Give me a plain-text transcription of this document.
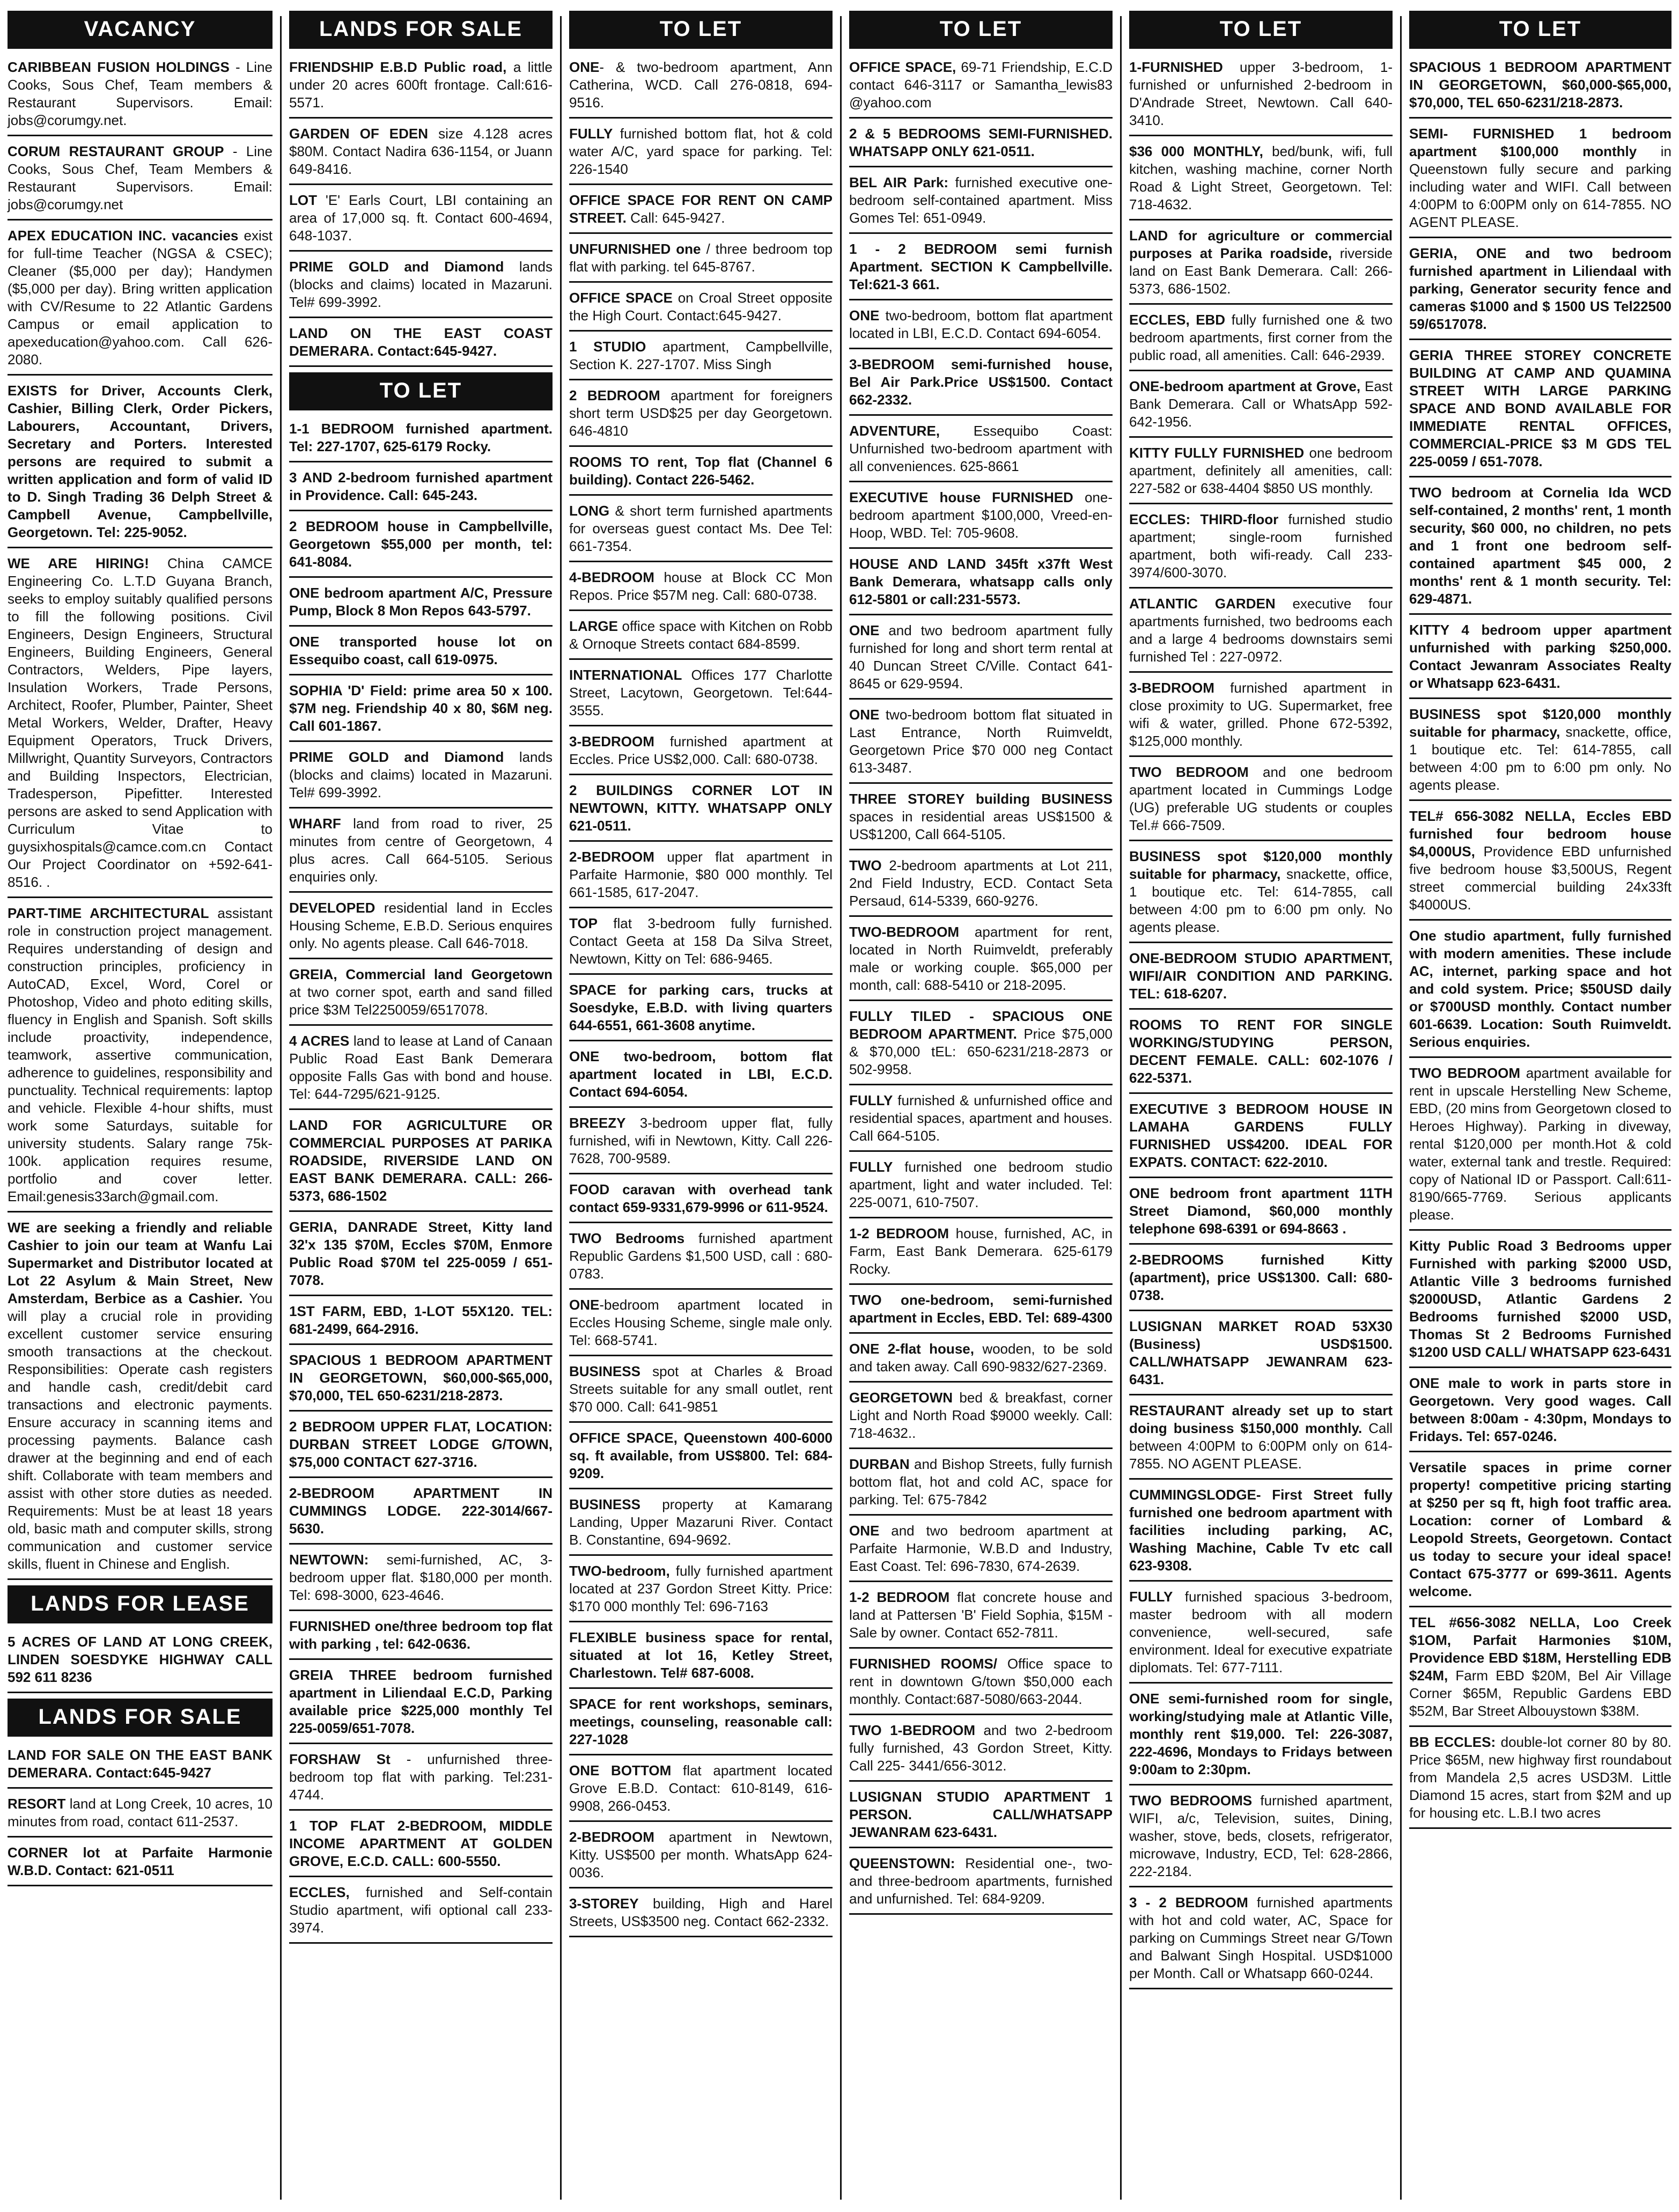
VACANCY
CARIBBEAN FUSION HOLDINGS - Line Cooks, Sous Chef, Team members & Restaurant Supervisors. Email: jobs@corumgy.net.
CORUM RESTAURANT GROUP - Line Cooks, Sous Chef, Team Members & Restaurant Supervisors. Email: jobs@corumgy.net
APEX EDUCATION INC. vacancies exist for full-time Teacher (NGSA & CSEC); Cleaner ($5,000 per day); Handymen ($5,000 per day). Bring written application with CV/Resume to 22 Atlantic Gardens Campus or email application to apexeducation@yahoo.com. Call 626-2080.
EXISTS for Driver, Accounts Clerk, Cashier, Billing Clerk, Order Pickers, Labourers, Accountant, Drivers, Secretary and Porters. Interested persons are required to submit a written application and form of valid ID to D. Singh Trading 36 Delph Street & Campbell Avenue, Campbellville, Georgetown. Tel: 225-9052.
WE ARE HIRING! China CAMCE Engineering Co. L.T.D Guyana Branch, seeks to employ suitably qualified persons to fill the following positions. Civil Engineers, Design Engineers, Structural Engineers, Building Engineers, General Contractors, Welders, Pipe layers, Insulation Workers, Trade Persons, Architect, Roofer, Plumber, Painter, Sheet Metal Workers, Welder, Drafter, Heavy Equipment Operators, Truck Drivers, Millwright, Quantity Surveyors, Contractors and Building Inspectors, Electrician, Tradesperson, Pipefitter. Interested persons are asked to send Application with Curriculum Vitae to guysixhospitals@camce.com.cn Contact Our Project Coordinator on +592-641-8516. .
PART-TIME ARCHITECTURAL assistant role in construction project management. Requires understanding of design and construction principles, proficiency in AutoCAD, Excel, Word, Corel or Photoshop, Video and photo editing skills, fluency in English and Spanish. Soft skills include proactivity, independence, teamwork, assertive communication, adherence to guidelines, responsibility and punctuality. Technical requirements: laptop and vehicle. Flexible 4-hour shifts, must work some Saturdays, suitable for university students. Salary range 75k-100k. application requires resume, portfolio and cover letter. Email:genesis33arch@gmail.com.
WE are seeking a friendly and reliable Cashier to join our team at Wanfu Lai Supermarket and Distributor located at Lot 22 Asylum & Main Street, New Amsterdam, Berbice as a Cashier. You will play a crucial role in providing excellent customer service ensuring smooth transactions at the checkout. Responsibilities: Operate cash registers and handle cash, credit/debit card transactions and electronic payments. Ensure accuracy in scanning items and processing payments. Balance cash drawer at the beginning and end of each shift. Collaborate with team members and assist with other store duties as needed. Requirements: Must be at least 18 years old, basic math and computer skills, strong communication and customer service skills, fluent in Chinese and English.
LANDS FOR LEASE
5 ACRES OF LAND AT LONG CREEK, LINDEN SOESDYKE HIGHWAY CALL 592 611 8236
LANDS FOR SALE
LAND FOR SALE ON THE EAST BANK DEMERARA. Contact:645-9427
RESORT land at Long Creek, 10 acres, 10 minutes from road, contact 611-2537.
CORNER lot at Parfaite Harmonie W.B.D. Contact: 621-0511
LANDS FOR SALE
FRIENDSHIP E.B.D Public road, a little under 20 acres 600ft frontage. Call:616-5571.
GARDEN OF EDEN size 4.128 acres $80M. Contact Nadira 636-1154, or Juann 649-8416.
LOT 'E' Earls Court, LBI containing an area of 17,000 sq. ft. Contact 600-4694, 648-1037.
PRIME GOLD and Diamond lands (blocks and claims) located in Mazaruni. Tel# 699-3992.
LAND ON THE EAST COAST DEMERARA. Contact:645-9427.
TO LET
1-1 BEDROOM furnished apartment. Tel: 227-1707, 625-6179 Rocky.
3 AND 2-bedroom furnished apartment in Providence. Call: 645-243.
2 BEDROOM house in Campbellville, Georgetown $55,000 per month, tel: 641-8084.
ONE bedroom apartment A/C, Pressure Pump, Block 8 Mon Repos 643-5797.
ONE transported house lot on Essequibo coast, call 619-0975.
SOPHIA 'D' Field: prime area 50 x 100. $7M neg. Friendship 40 x 80, $6M neg. Call 601-1867.
PRIME GOLD and Diamond lands (blocks and claims) located in Mazaruni. Tel# 699-3992.
WHARF land from road to river, 25 minutes from centre of Georgetown, 4 plus acres. Call 664-5105. Serious enquiries only.
DEVELOPED residential land in Eccles Housing Scheme, E.B.D. Serious enquires only. No agents please. Call 646-7018.
GREIA, Commercial land Georgetown at two corner spot, earth and sand filled price $3M Tel2250059/6517078.
4 ACRES land to lease at Land of Canaan Public Road East Bank Demerara opposite Falls Gas with bond and house. Tel: 644-7295/621-9125.
LAND FOR AGRICULTURE OR COMMERCIAL PURPOSES AT PARIKA ROADSIDE, RIVERSIDE LAND ON EAST BANK DEMERARA. CALL: 266-5373, 686-1502
GERIA, DANRADE Street, Kitty land 32'x 135 $70M, Eccles $70M, Enmore Public Road $70M tel 225-0059 / 651-7078.
1ST FARM, EBD, 1-LOT 55X120. TEL: 681-2499, 664-2916.
SPACIOUS 1 BEDROOM APARTMENT IN GEORGETOWN, $60,000-$65,000, $70,000, TEL 650-6231/218-2873.
2 BEDROOM UPPER FLAT, LOCATION: DURBAN STREET LODGE G/TOWN, $75,000 CONTACT 627-3716.
2-BEDROOM APARTMENT IN CUMMINGS LODGE. 222-3014/667-5630.
NEWTOWN: semi-furnished, AC, 3-bedroom upper flat. $180,000 per month. Tel: 698-3000, 623-4646.
FURNISHED one/three bedroom top flat with parking , tel: 642-0636.
GREIA THREE bedroom furnished apartment in Liliendaal E.C.D, Parking available price $225,000 monthly Tel 225-0059/651-7078.
FORSHAW St - unfurnished three-bedroom top flat with parking. Tel:231-4744.
1 TOP FLAT 2-BEDROOM, MIDDLE INCOME APARTMENT AT GOLDEN GROVE, E.C.D. CALL: 600-5550.
ECCLES, furnished and Self-contain Studio apartment, wifi optional call 233-3974.
TO LET
ONE- & two-bedroom apartment, Ann Catherina, WCD. Call 276-0818, 694-9516.
FULLY furnished bottom flat, hot & cold water A/C, yard space for parking. Tel: 226-1540
OFFICE SPACE FOR RENT ON CAMP STREET. Call: 645-9427.
UNFURNISHED one / three bedroom top flat with parking. tel 645-8767.
OFFICE SPACE on Croal Street opposite the High Court. Contact:645-9427.
1 STUDIO apartment, Campbellville, Section K. 227-1707. Miss Singh
2 BEDROOM apartment for foreigners short term USD$25 per day Georgetown. 646-4810
ROOMS TO rent, Top flat (Channel 6 building). Contact 226-5462.
LONG & short term furnished apartments for overseas guest contact Ms. Dee Tel: 661-7354.
4-BEDROOM house at Block CC Mon Repos. Price $57M neg. Call: 680-0738.
LARGE office space with Kitchen on Robb & Ornoque Streets contact 684-8599.
INTERNATIONAL Offices 177 Charlotte Street, Lacytown, Georgetown. Tel:644-3555.
3-BEDROOM furnished apartment at Eccles. Price US$2,000. Call: 680-0738.
2 BUILDINGS CORNER LOT IN NEWTOWN, KITTY. WHATSAPP ONLY 621-0511.
2-BEDROOM upper flat apartment in Parfaite Harmonie, $80 000 monthly. Tel 661-1585, 617-2047.
TOP flat 3-bedroom fully furnished. Contact Geeta at 158 Da Silva Street, Newtown, Kitty on Tel: 686-9465.
SPACE for parking cars, trucks at Soesdyke, E.B.D. with living quarters 644-6551, 661-3608 anytime.
ONE two-bedroom, bottom flat apartment located in LBI, E.C.D. Contact 694-6054.
BREEZY 3-bedroom upper flat, fully furnished, wifi in Newtown, Kitty. Call 226-7628, 700-9589.
FOOD caravan with overhead tank contact 659-9331,679-9996 or 611-9524.
TWO Bedrooms furnished apartment Republic Gardens $1,500 USD, call : 680-0783.
ONE-bedroom apartment located in Eccles Housing Scheme, single male only. Tel: 668-5741.
BUSINESS spot at Charles & Broad Streets suitable for any small outlet, rent $70 000. Call: 641-9851
OFFICE SPACE, Queenstown 400-6000 sq. ft available, from US$800. Tel: 684-9209.
BUSINESS property at Kamarang Landing, Upper Mazaruni River. Contact B. Constantine, 694-9692.
TWO-bedroom, fully furnished apartment located at 237 Gordon Street Kitty. Price: $170 000 monthly Tel: 696-7163
FLEXIBLE business space for rental, situated at lot 16, Ketley Street, Charlestown. Tel# 687-6008.
SPACE for rent workshops, seminars, meetings, counseling, reasonable call: 227-1028
ONE BOTTOM flat apartment located Grove E.B.D. Contact: 610-8149, 616-9908, 266-0453.
2-BEDROOM apartment in Newtown, Kitty. US$500 per month. WhatsApp 624-0036.
3-STOREY building, High and Harel Streets, US$3500 neg. Contact 662-2332.
TO LET
OFFICE SPACE, 69-71 Friendship, E.C.D contact 646-3117 or Samantha_lewis83 @yahoo.com
2 & 5 BEDROOMS SEMI-FURNISHED. WHATSAPP ONLY 621-0511.
BEL AIR Park: furnished executive one-bedroom self-contained apartment. Miss Gomes Tel: 651-0949.
1 - 2 BEDROOM semi furnish Apartment. SECTION K Campbellville. Tel:621-3 661.
ONE two-bedroom, bottom flat apartment located in LBI, E.C.D. Contact 694-6054.
3-BEDROOM semi-furnished house, Bel Air Park.Price US$1500. Contact 662-2332.
ADVENTURE, Essequibo Coast: Unfurnished two-bedroom apartment with all conveniences. 625-8661
EXECUTIVE house FURNISHED one-bedroom apartment $100,000, Vreed-en-Hoop, WBD. Tel: 705-9608.
HOUSE AND LAND 345ft x37ft West Bank Demerara, whatsapp calls only 612-5801 or call:231-5573.
ONE and two bedroom apartment fully furnished for long and short term rental at 40 Duncan Street C/Ville. Contact 641-8645 or 629-9594.
ONE two-bedroom bottom flat situated in Last Entrance, North Ruimveldt, Georgetown Price $70 000 neg Contact 613-3487.
THREE STOREY building BUSINESS spaces in residential areas US$1500 & US$1200, Call 664-5105.
TWO 2-bedroom apartments at Lot 211, 2nd Field Industry, ECD. Contact Seta Persaud, 614-5339, 660-9276.
TWO-BEDROOM apartment for rent, located in North Ruimveldt, preferably male or working couple. $65,000 per month, call: 688-5410 or 218-2095.
FULLY TILED - SPACIOUS ONE BEDROOM APARTMENT. Price $75,000 & $70,000 tEL: 650-6231/218-2873 or 502-9958.
FULLY furnished & unfurnished office and residential spaces, apartment and houses. Call 664-5105.
FULLY furnished one bedroom studio apartment, light and water included. Tel: 225-0071, 610-7507.
1-2 BEDROOM house, furnished, AC, in Farm, East Bank Demerara. 625-6179 Rocky.
TWO one-bedroom, semi-furnished apartment in Eccles, EBD. Tel: 689-4300
ONE 2-flat house, wooden, to be sold and taken away. Call 690-9832/627-2369.
GEORGETOWN bed & breakfast, corner Light and North Road $9000 weekly. Call: 718-4632..
DURBAN and Bishop Streets, fully furnish bottom flat, hot and cold AC, space for parking. Tel: 675-7842
ONE and two bedroom apartment at Parfaite Harmonie, W.B.D and Industry, East Coast. Tel: 696-7830, 674-2639.
1-2 BEDROOM flat concrete house and land at Pattersen 'B' Field Sophia, $15M - Sale by owner. Contact 652-7811.
FURNISHED ROOMS/ Office space to rent in downtown G/town $50,000 each monthly. Contact:687-5080/663-2044.
TWO 1-BEDROOM and two 2-bedroom fully furnished, 43 Gordon Street, Kitty. Call 225- 3441/656-3012.
LUSIGNAN STUDIO APARTMENT 1 PERSON. CALL/WHATSAPP JEWANRAM 623-6431.
QUEENSTOWN: Residential one-, two- and three-bedroom apartments, furnished and unfurnished. Tel: 684-9209.
TO LET
1-FURNISHED upper 3-bedroom, 1-furnished or unfurnished 2-bedroom in D'Andrade Street, Newtown. Call 640-3410.
$36 000 MONTHLY, bed/bunk, wifi, full kitchen, washing machine, corner North Road & Light Street, Georgetown. Tel: 718-4632.
LAND for agriculture or commercial purposes at Parika roadside, riverside land on East Bank Demerara. Call: 266-5373, 686-1502.
ECCLES, EBD fully furnished one & two bedroom apartments, first corner from the public road, all amenities. Call: 646-2939.
ONE-bedroom apartment at Grove, East Bank Demerara. Call or WhatsApp 592-642-1956.
KITTY FULLY FURNISHED one bedroom apartment, definitely all amenities, call: 227-582 or 638-4404 $850 US monthly.
ECCLES: THIRD-floor furnished studio apartment; single-room furnished apartment, both wifi-ready. Call 233-3974/600-3070.
ATLANTIC GARDEN executive four apartments furnished, two bedrooms each and a large 4 bedrooms downstairs semi furnished Tel : 227-0972.
3-BEDROOM furnished apartment in close proximity to UG. Supermarket, free wifi & water, grilled. Phone 672-5392, $125,000 monthly.
TWO BEDROOM and one bedroom apartment located in Cummings Lodge (UG) preferable UG students or couples Tel.# 666-7509.
BUSINESS spot $120,000 monthly suitable for pharmacy, snackette, office, 1 boutique etc. Tel: 614-7855, call between 4:00 pm to 6:00 pm only. No agents please.
ONE-BEDROOM STUDIO APARTMENT, WIFI/AIR CONDITION AND PARKING. TEL: 618-6207.
ROOMS TO RENT FOR SINGLE WORKING/STUDYING PERSON, DECENT FEMALE. CALL: 602-1076 / 622-5371.
EXECUTIVE 3 BEDROOM HOUSE IN LAMAHA GARDENS FULLY FURNISHED US$4200. IDEAL FOR EXPATS. CONTACT: 622-2010.
ONE bedroom front apartment 11TH Street Diamond, $60,000 monthly telephone 698-6391 or 694-8663 .
2-BEDROOMS furnished Kitty (apartment), price US$1300. Call: 680-0738.
LUSIGNAN MARKET ROAD 53X30 (Business) USD$1500. CALL/WHATSAPP JEWANRAM 623-6431.
RESTAURANT already set up to start doing business $150,000 monthly. Call between 4:00PM to 6:00PM only on 614-7855. NO AGENT PLEASE.
CUMMINGSLODGE- First Street fully furnished one bedroom apartment with facilities including parking, AC, Washing Machine, Cable Tv etc call 623-9308.
FULLY furnished spacious 3-bedroom, master bedroom with all modern convenience, well-secured, safe environment. Ideal for executive expatriate diplomats. Tel: 677-7111.
ONE semi-furnished room for single, working/studying male at Atlantic Ville, monthly rent $19,000. Tel: 226-3087, 222-4696, Mondays to Fridays between 9:00am to 2:30pm.
TWO BEDROOMS furnished apartment, WIFI, a/c, Television, suites, Dining, washer, stove, beds, closets, refrigerator, microwave, Industry, ECD, Tel: 628-2866, 222-2184.
3 - 2 BEDROOM furnished apartments with hot and cold water, AC, Space for parking on Cummings Street near G/Town and Balwant Singh Hospital. USD$1000 per Month. Call or Whatsapp 660-0244.
TO LET
SPACIOUS 1 BEDROOM APARTMENT IN GEORGETOWN, $60,000-$65,000, $70,000, TEL 650-6231/218-2873.
SEMI- FURNISHED 1 bedroom apartment $100,000 monthly in Queenstown fully secure and parking including water and WIFI. Call between 4:00PM to 6:00PM only on 614-7855. NO AGENT PLEASE.
GERIA, ONE and two bedroom furnished apartment in Liliendaal with parking, Generator security fence and cameras $1000 and $ 1500 US Tel22500 59/6517078.
GERIA THREE STOREY CONCRETE BUILDING AT CAMP AND QUAMINA STREET WITH LARGE PARKING SPACE AND BOND AVAILABLE FOR IMMEDIATE RENTAL OFFICES, COMMERCIAL-PRICE $3 M GDS TEL 225-0059 / 651-7078.
TWO bedroom at Cornelia Ida WCD self-contained, 2 months' rent, 1 month security, $60 000, no children, no pets and 1 front one bedroom self-contained apartment $45 000, 2 months' rent & 1 month security. Tel: 629-4871.
KITTY 4 bedroom upper apartment unfurnished with parking $250,000. Contact Jewanram Associates Realty or Whatsapp 623-6431.
BUSINESS spot $120,000 monthly suitable for pharmacy, snackette, office, 1 boutique etc. Tel: 614-7855, call between 4:00 pm to 6:00 pm only. No agents please.
TEL# 656-3082 NELLA, Eccles EBD furnished four bedroom house $4,000US, Providence EBD unfurnished five bedroom house $3,500US, Regent street commercial building 24x33ft $4000US.
One studio apartment, fully furnished with modern amenities. These include AC, internet, parking space and hot and cold system. Price; $50USD daily or $700USD monthly. Contact number 601-6639. Location: South Ruimveldt. Serious enquiries.
TWO BEDROOM apartment available for rent in upscale Herstelling New Scheme, EBD, (20 mins from Georgetown closed to Heroes Highway). Parking in diveway, rental $120,000 per month.Hot & cold water, external tank and trestle. Required: copy of National ID or Passport. Call:611-8190/665-7769. Serious applicants please.
Kitty Public Road 3 Bedrooms upper Furnished with parking $2000 USD, Atlantic Ville 3 bedrooms furnished $2000USD, Atlantic Gardens 2 Bedrooms furnished $2000 USD, Thomas St 2 Bedrooms Furnished $1200 USD CALL/ WHATSAPP 623-6431
ONE male to work in parts store in Georgetown. Very good wages. Call between 8:00am - 4:30pm, Mondays to Fridays. Tel: 657-0246.
Versatile spaces in prime corner property! competitive pricing starting at $250 per sq ft, high foot traffic area. Location: corner of Lombard & Leopold Streets, Georgetown. Contact us today to secure your ideal space! Contact 675-3777 or 699-3611. Agents welcome.
TEL #656-3082 NELLA, Loo Creek $1OM, Parfait Harmonies $10M, Providence EBD $18M, Herstelling EDB $24M, Farm EBD $20M, Bel Air Village Corner $65M, Republic Gardens EBD $52M, Bar Street Albouystown $38M.
BB ECCLES: double-lot corner 80 by 80. Price $65M, new highway first roundabout from Mandela 2,5 acres USD3M. Little Diamond 15 acres, start from $2M and up for housing etc. L.B.I two acres
